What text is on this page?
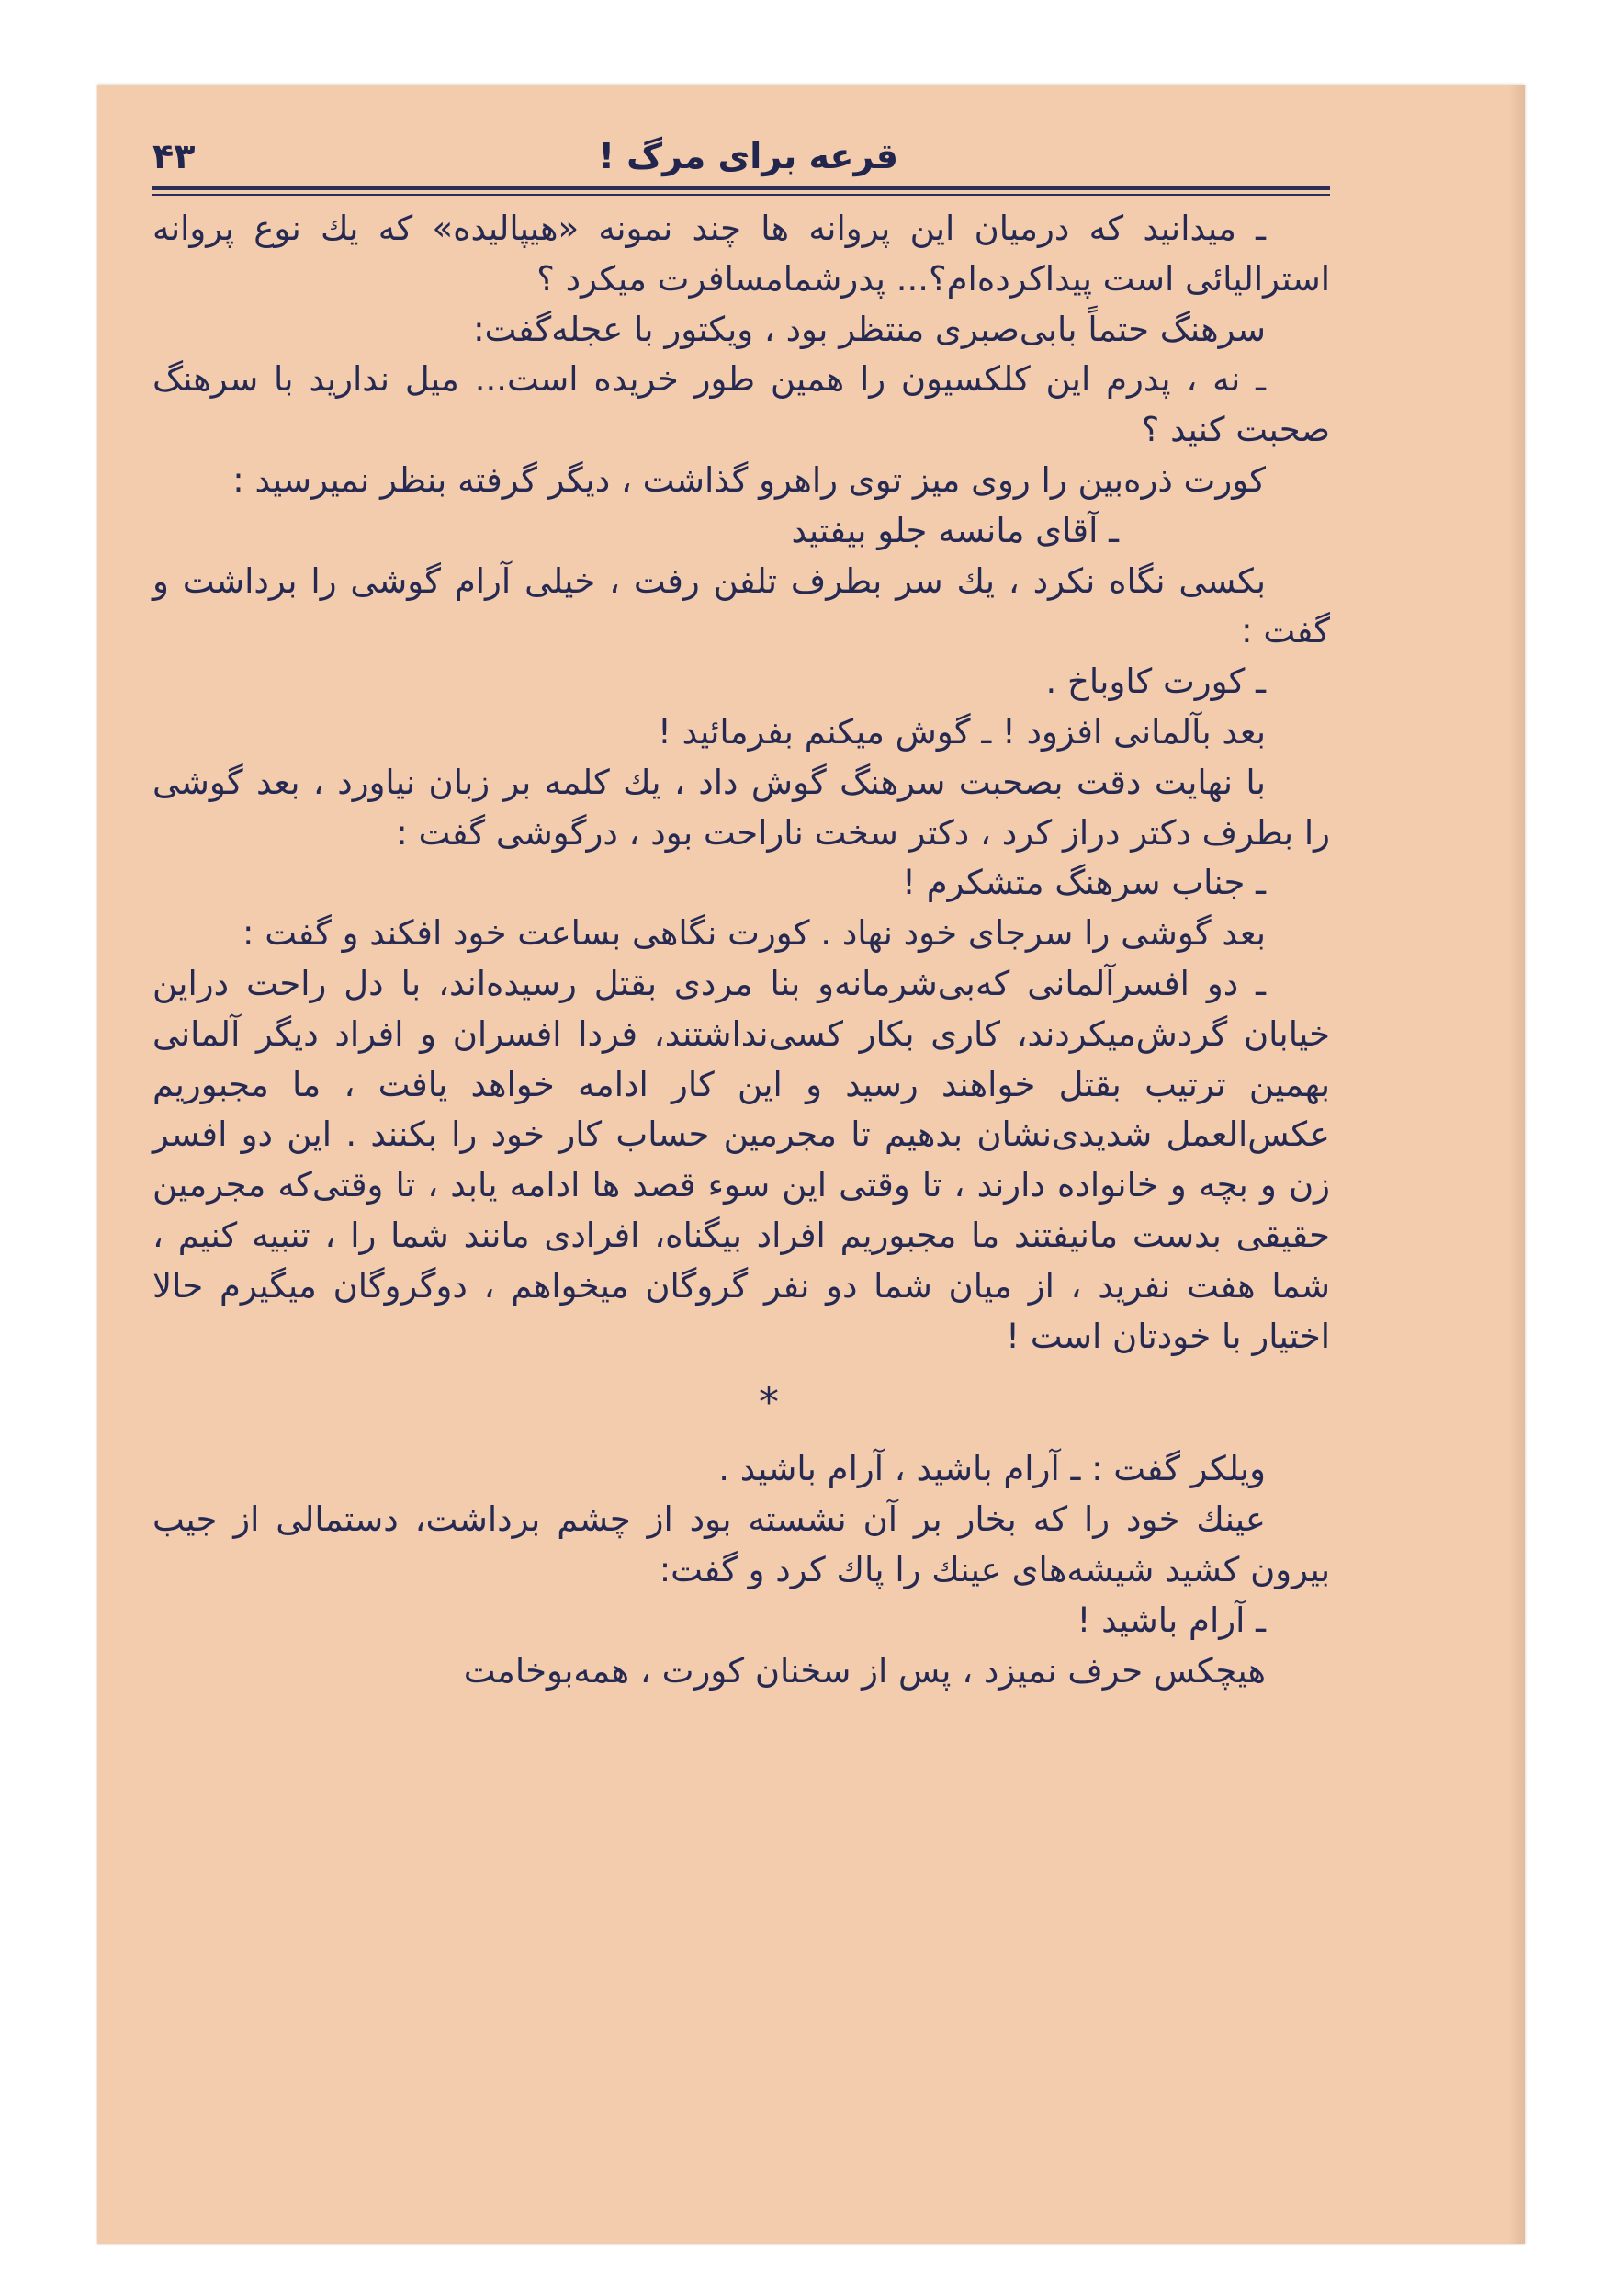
قرعه برای مرگ !
۴۳

ـ میدانید که درمیان این پروانه ها چند نمونه «هیپالیده» که یك نوع پروانه استرالیائی است پیداکرده‌ام؟... پدرشمامسافرت میکرد ؟

سرهنگ حتماً بابی‌صبری منتظر بود ، ویکتور با عجله‌گفت:

ـ نه ، پدرم این کلکسیون را همین طور خریده است... میل ندارید با سرهنگ صحبت کنید ؟

کورت ذره‌بین را روی میز توی راهرو گذاشت ، دیگر گرفته بنظر نمیرسید :

ـ آقای مانسه جلو بیفتید

بکسی نگاه نکرد ، یك سر بطرف تلفن رفت ، خیلی آرام گوشی را برداشت و گفت :

ـ کورت کاوباخ .

بعد بآلمانی افزود ! ـ گوش میکنم بفرمائید !

با نهایت دقت بصحبت سرهنگ گوش داد ، یك کلمه بر زبان نیاورد ، بعد گوشی را بطرف دکتر دراز کرد ، دکتر سخت ناراحت بود ، درگوشی گفت :

ـ جناب سرهنگ متشکرم !

بعد گوشی را سرجای خود نهاد . کورت نگاهی بساعت خود افکند و گفت :

ـ دو افسرآلمانی که‌بی‌شرمانه‌و بنا مردی بقتل رسیده‌اند، با دل راحت دراین خیابان گردش‌میکردند، کاری بکار کسی‌نداشتند، فردا افسران و افراد دیگر آلمانی بهمین ترتیب بقتل خواهند رسید و این کار ادامه خواهد یافت ، ما مجبوریم عکس‌العمل شدیدی‌نشان بدهیم تا مجرمین حساب کار خود را بکنند . این دو افسر زن و بچه و خانواده دارند ، تا وقتی این سوء قصد ها ادامه یابد ، تا وقتی‌که مجرمین حقیقی بدست مانیفتند ما مجبوریم افراد بیگناه، افرادی مانند شما را ، تنبیه کنیم ، شما هفت نفرید ، از میان شما دو نفر گروگان میخواهم ، دوگروگان میگیرم حالا اختیار با خودتان است !

*

ویلکر گفت : ـ آرام باشید ، آرام باشید .

عینك خود را که بخار بر آن نشسته بود از چشم برداشت، دستمالی از جیب بیرون کشید شیشه‌های عینك را پاك کرد و گفت:

ـ آرام باشید !

هیچکس حرف نمیزد ، پس از سخنان کورت ، همه‌بوخامت
